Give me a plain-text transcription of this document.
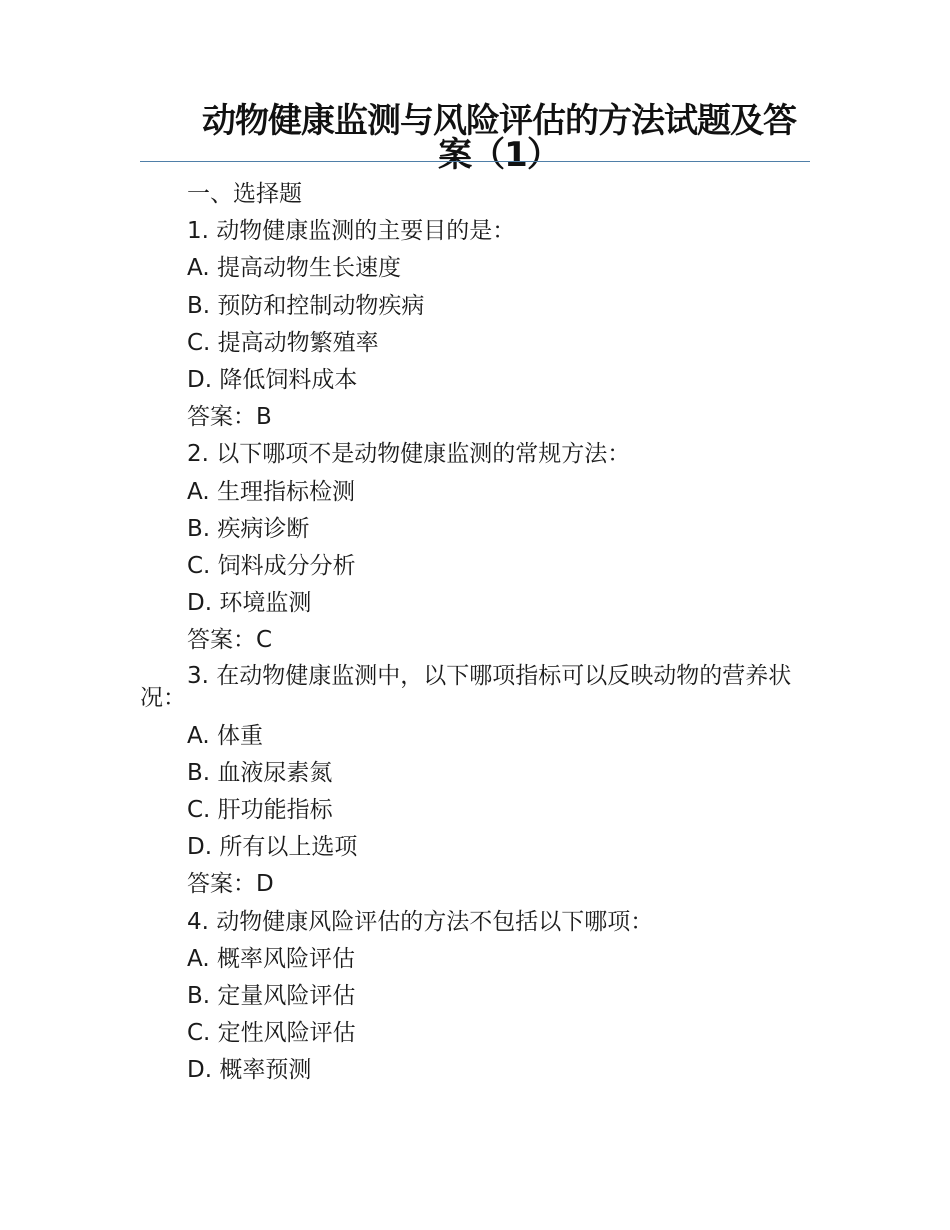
动物健康监测与风险评估的方法试题及答案（1）
一、选择题
1. 动物健康监测的主要目的是：
A. 提高动物生长速度
B. 预防和控制动物疾病
C. 提高动物繁殖率
D. 降低饲料成本
答案：B
2. 以下哪项不是动物健康监测的常规方法：
A. 生理指标检测
B. 疾病诊断
C. 饲料成分分析
D. 环境监测
答案：C
3. 在动物健康监测中，以下哪项指标可以反映动物的营养状况：
A. 体重
B. 血液尿素氮
C. 肝功能指标
D. 所有以上选项
答案：D
4. 动物健康风险评估的方法不包括以下哪项：
A. 概率风险评估
B. 定量风险评估
C. 定性风险评估
D. 概率预测
